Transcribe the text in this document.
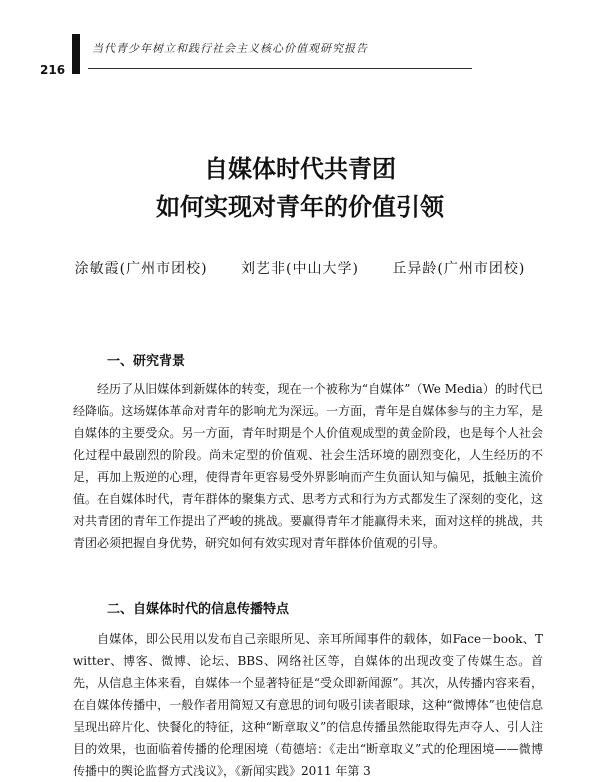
当代青少年树立和践行社会主义核心价值观研究报告
216
自媒体时代共青团
如何实现对青年的价值引领
涂敏霞(广州市团校) 刘艺非(中山大学) 丘异龄(广州市团校)
一、研究背景
经历了从旧媒体到新媒体的转变，现在一个被称为“自媒体”（We Media）的时代已经降临。这场媒体革命对青年的影响尤为深远。一方面，青年是自媒体参与的主力军，是自媒体的主要受众。另一方面，青年时期是个人价值观成型的黄金阶段，也是每个人社会化过程中最剧烈的阶段。尚未定型的价值观、社会生活环境的剧烈变化，人生经历的不足，再加上叛逆的心理，使得青年更容易受外界影响而产生负面认知与偏见，抵触主流价值。在自媒体时代，青年群体的聚集方式、思考方式和行为方式都发生了深刻的变化，这对共青团的青年工作提出了严峻的挑战。要赢得青年才能赢得未来，面对这样的挑战，共青团必须把握自身优势，研究如何有效实现对青年群体价值观的引导。
二、自媒体时代的信息传播特点
自媒体，即公民用以发布自己亲眼所见、亲耳所闻事件的载体，如Face－book、Twitter、博客、微博、论坛、BBS、网络社区等，自媒体的出现改变了传媒生态。首先，从信息主体来看，自媒体一个显著特征是“受众即新闻源”。其次，从传播内容来看，在自媒体传播中，一般作者用简短又有意思的词句吸引读者眼球，这种“微博体”也使信息呈现出碎片化、快餐化的特征，这种“断章取义”的信息传播虽然能取得先声夺人、引人注目的效果，也面临着传播的伦理困境（荀德培：《走出“断章取义”式的伦理困境——微博传播中的舆论监督方式浅议》，《新闻实践》2011 年第 3
